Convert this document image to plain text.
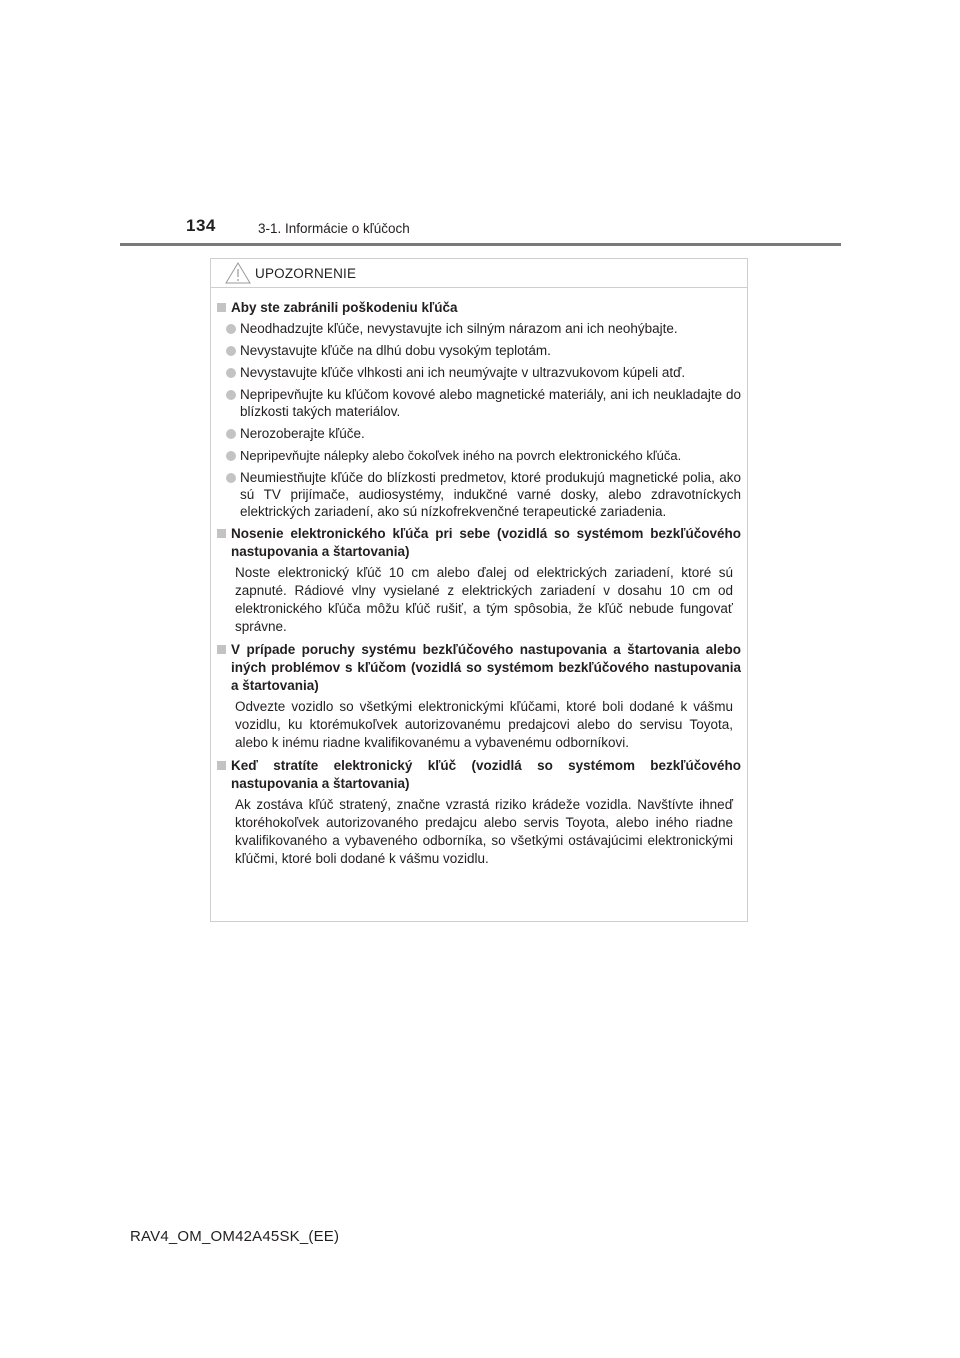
134	3-1. Informácie o kľúčoch
UPOZORNENIE
Aby ste zabránili poškodeniu kľúča
Neodhadzujte kľúče, nevystavujte ich silným nárazom ani ich neohýbajte.
Nevystavujte kľúče na dlhú dobu vysokým teplotám.
Nevystavujte kľúče vlhkosti ani ich neumývajte v ultrazvukovom kúpeli atď.
Nepripevňujte ku kľúčom kovové alebo magnetické materiály, ani ich neukladajte do blízkosti takých materiálov.
Nerozoberajte kľúče.
Nepripevňujte nálepky alebo čokoľvek iného na povrch elektronického kľúča.
Neumiestňujte kľúče do blízkosti predmetov, ktoré produkujú magnetické polia, ako sú TV prijímače, audiosystémy, indukčné varné dosky, alebo zdravotníckych elektrických zariadení, ako sú nízkofrekvenčné terapeutické zariadenia.
Nosenie elektronického kľúča pri sebe (vozidlá so systémom bezkľúčového nastupovania a štartovania)
Noste elektronický kľúč 10 cm alebo ďalej od elektrických zariadení, ktoré sú zapnuté. Rádiové vlny vysielané z elektrických zariadení v dosahu 10 cm od elektronického kľúča môžu kľúč rušiť, a tým spôsobia, že kľúč nebude fungovať správne.
V prípade poruchy systému bezkľúčového nastupovania a štartovania alebo iných problémov s kľúčom (vozidlá so systémom bezkľúčového nastupovania a štartovania)
Odvezte vozidlo so všetkými elektronickými kľúčami, ktoré boli dodané k vášmu vozidlu, ku ktorémukoľvek autorizovanému predajcovi alebo do servisu Toyota, alebo k inému riadne kvalifikovanému a vybavenému odborníkovi.
Keď stratíte elektronický kľúč (vozidlá so systémom bezkľúčového nastupovania a štartovania)
Ak zostáva kľúč stratený, značne vzrastá riziko krádeže vozidla. Navštívte ihneď ktoréhokoľvek autorizovaného predajcu alebo servis Toyota, alebo iného riadne kvalifikovaného a vybaveného odborníka, so všetkými ostávajúcimi elektronickými kľúčmi, ktoré boli dodané k vášmu vozidlu.
RAV4_OM_OM42A45SK_(EE)
